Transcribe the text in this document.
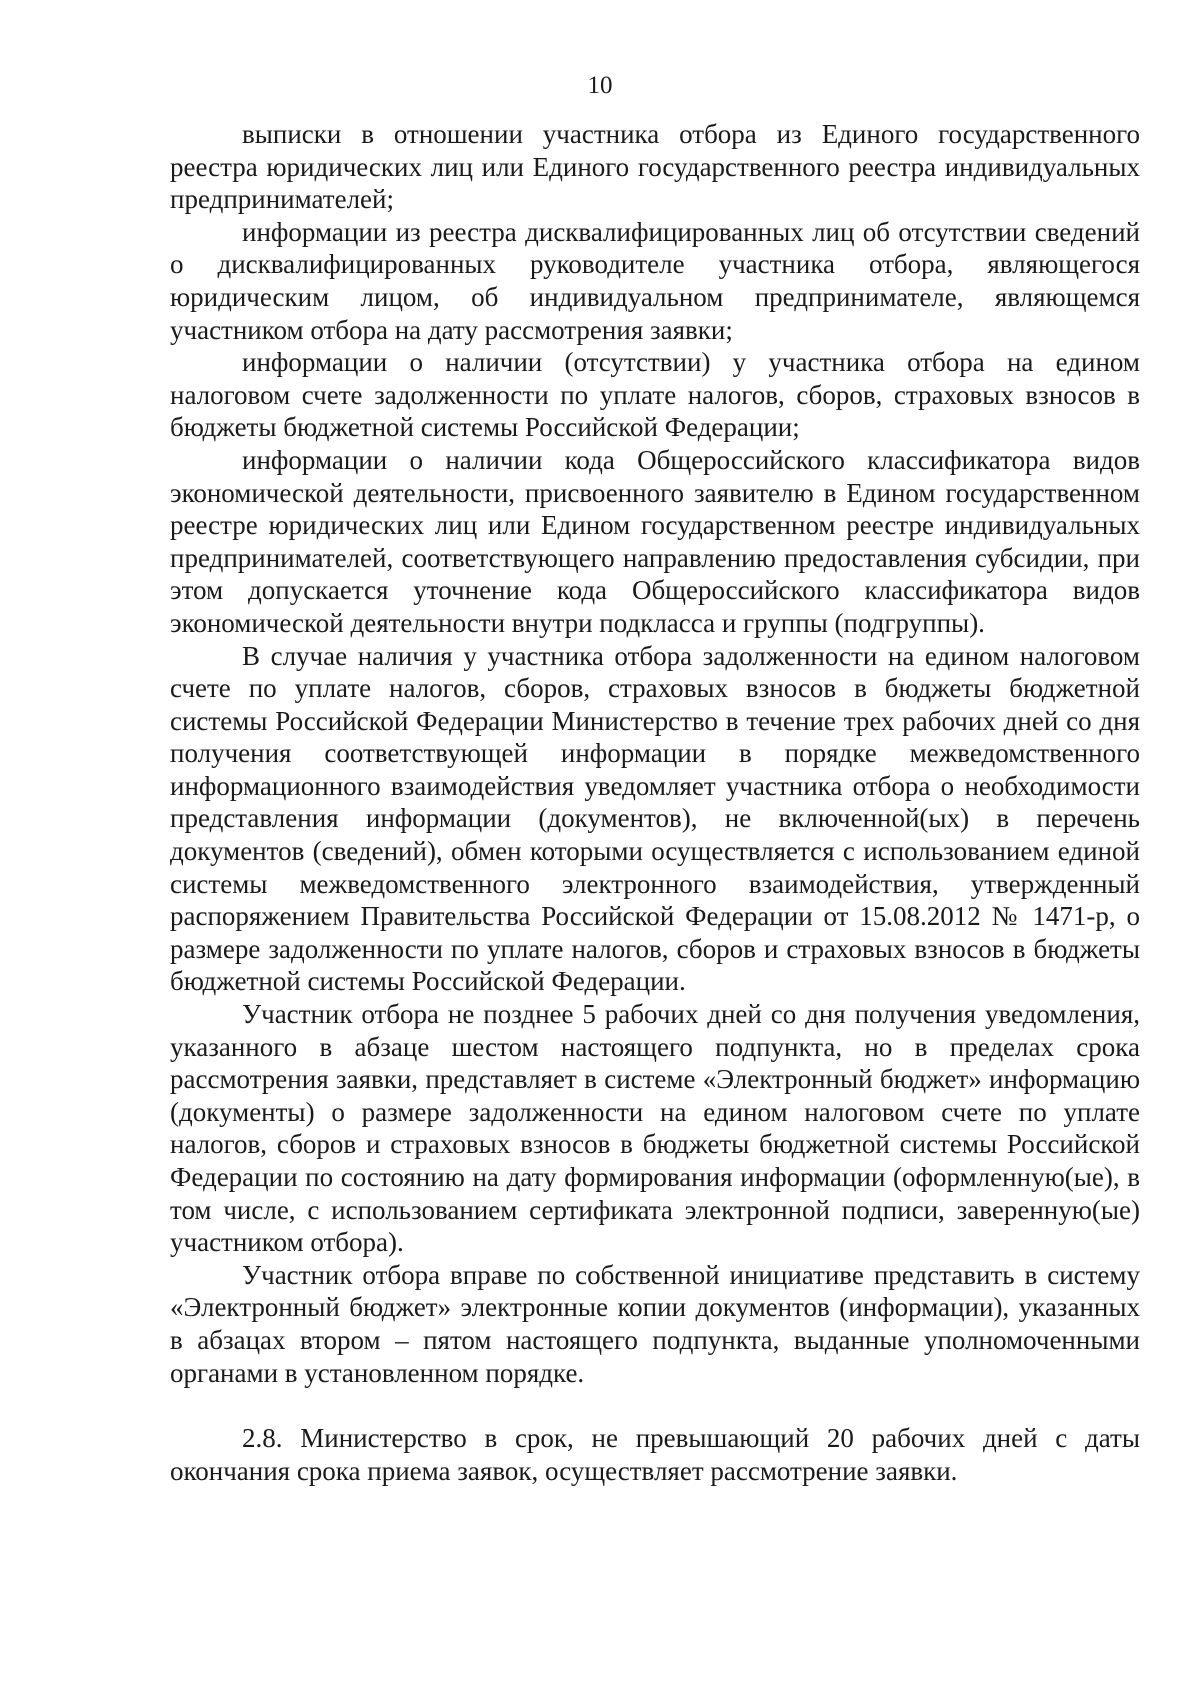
10

выписки в отношении участника отбора из Единого государственного реестра юридических лиц или Единого государственного реестра индивидуальных предпринимателей;

информации из реестра дисквалифицированных лиц об отсутствии сведений о дисквалифицированных руководителе участника отбора, являющегося юридическим лицом, об индивидуальном предпринимателе, являющемся участником отбора на дату рассмотрения заявки;

информации о наличии (отсутствии) у участника отбора на едином налоговом счете задолженности по уплате налогов, сборов, страховых взносов в бюджеты бюджетной системы Российской Федерации;

информации о наличии кода Общероссийского классификатора видов экономической деятельности, присвоенного заявителю в Едином государственном реестре юридических лиц или Едином государственном реестре индивидуальных предпринимателей, соответствующего направлению предоставления субсидии, при этом допускается уточнение кода Общероссийского классификатора видов экономической деятельности внутри подкласса и группы (подгруппы).

В случае наличия у участника отбора задолженности на едином налоговом счете по уплате налогов, сборов, страховых взносов в бюджеты бюджетной системы Российской Федерации Министерство в течение трех рабочих дней со дня получения соответствующей информации в порядке межведомственного информационного взаимодействия уведомляет участника отбора о необходимости представления информации (документов), не включенной(ых) в перечень документов (сведений), обмен которыми осуществляется с использованием единой системы межведомственного электронного взаимодействия, утвержденный распоряжением Правительства Российской Федерации от 15.08.2012 № 1471-р, о размере задолженности по уплате налогов, сборов и страховых взносов в бюджеты бюджетной системы Российской Федерации.

Участник отбора не позднее 5 рабочих дней со дня получения уведомления, указанного в абзаце шестом настоящего подпункта, но в пределах срока рассмотрения заявки, представляет в системе «Электронный бюджет» информацию (документы) о размере задолженности на едином налоговом счете по уплате налогов, сборов и страховых взносов в бюджеты бюджетной системы Российской Федерации по состоянию на дату формирования информации (оформленную(ые), в том числе, с использованием сертификата электронной подписи, заверенную(ые) участником отбора).

Участник отбора вправе по собственной инициативе представить в систему «Электронный бюджет» электронные копии документов (информации), указанных в абзацах втором – пятом настоящего подпункта, выданные уполномоченными органами в установленном порядке.

2.8. Министерство в срок, не превышающий 20 рабочих дней с даты окончания срока приема заявок, осуществляет рассмотрение заявки.
